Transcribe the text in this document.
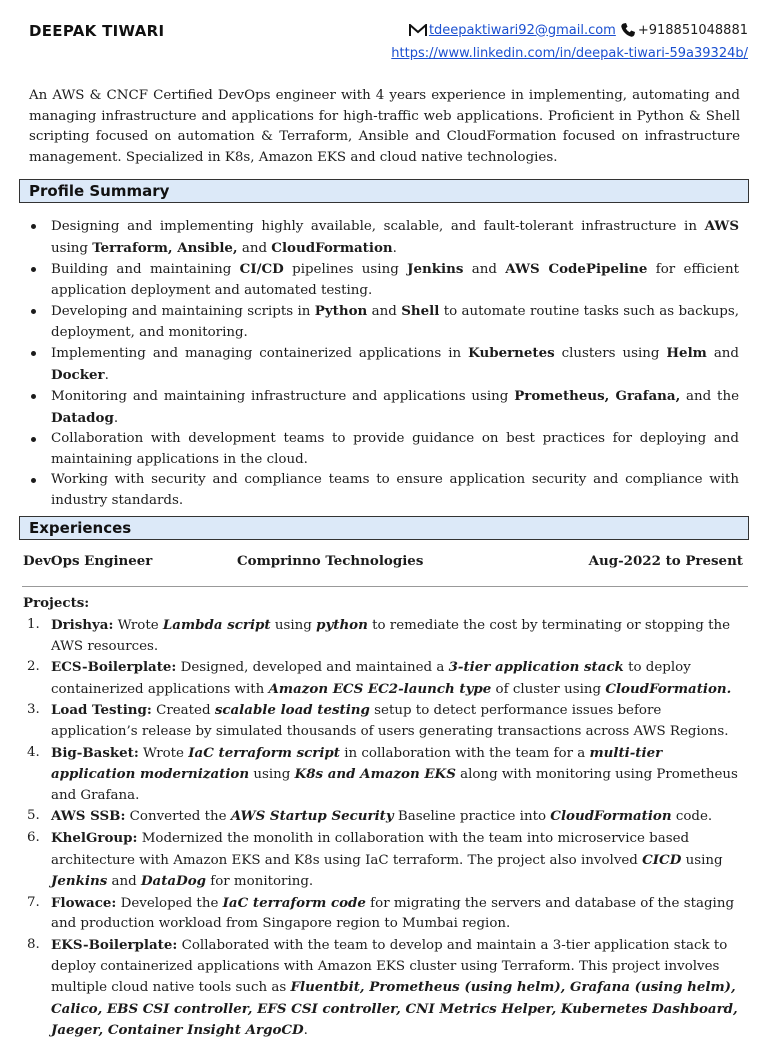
DEEPAK TIWARI	tdeepaktiwari92@gmail.com +918851048881
https://www.linkedin.com/in/deepak-tiwari-59a39324b/
An AWS & CNCF Certified DevOps engineer with 4 years experience in implementing, automating and managing infrastructure and applications for high-traffic web applications. Proficient in Python & Shell scripting focused on automation & Terraform, Ansible and CloudFormation focused on infrastructure management. Specialized in K8s, Amazon EKS and cloud native technologies.
Profile Summary
Designing and implementing highly available, scalable, and fault-tolerant infrastructure in AWS using Terraform, Ansible, and CloudFormation.
Building and maintaining CI/CD pipelines using Jenkins and AWS CodePipeline for efficient application deployment and automated testing.
Developing and maintaining scripts in Python and Shell to automate routine tasks such as backups, deployment, and monitoring.
Implementing and managing containerized applications in Kubernetes clusters using Helm and Docker.
Monitoring and maintaining infrastructure and applications using Prometheus, Grafana, and the Datadog.
Collaboration with development teams to provide guidance on best practices for deploying and maintaining applications in the cloud.
Working with security and compliance teams to ensure application security and compliance with industry standards.
Experiences
DevOps Engineer	Comprinno Technologies	Aug-2022 to Present
Projects:
1. Drishya: Wrote Lambda script using python to remediate the cost by terminating or stopping the AWS resources.
2. ECS-Boilerplate: Designed, developed and maintained a 3-tier application stack to deploy containerized applications with Amazon ECS EC2-launch type of cluster using CloudFormation.
3. Load Testing: Created scalable load testing setup to detect performance issues before application’s release by simulated thousands of users generating transactions across AWS Regions.
4. Big-Basket: Wrote IaC terraform script in collaboration with the team for a multi-tier application modernization using K8s and Amazon EKS along with monitoring using Prometheus and Grafana.
5. AWS SSB: Converted the AWS Startup Security Baseline practice into CloudFormation code.
6. KhelGroup: Modernized the monolith in collaboration with the team into microservice based architecture with Amazon EKS and K8s using IaC terraform. The project also involved CICD using Jenkins and DataDog for monitoring.
7. Flowace: Developed the IaC terraform code for migrating the servers and database of the staging and production workload from Singapore region to Mumbai region.
8. EKS-Boilerplate: Collaborated with the team to develop and maintain a 3-tier application stack to deploy containerized applications with Amazon EKS cluster using Terraform. This project involves multiple cloud native tools such as Fluentbit, Prometheus (using helm), Grafana (using helm), Calico, EBS CSI controller, EFS CSI controller, CNI Metrics Helper, Kubernetes Dashboard, Jaeger, Container Insight ArgoCD.
